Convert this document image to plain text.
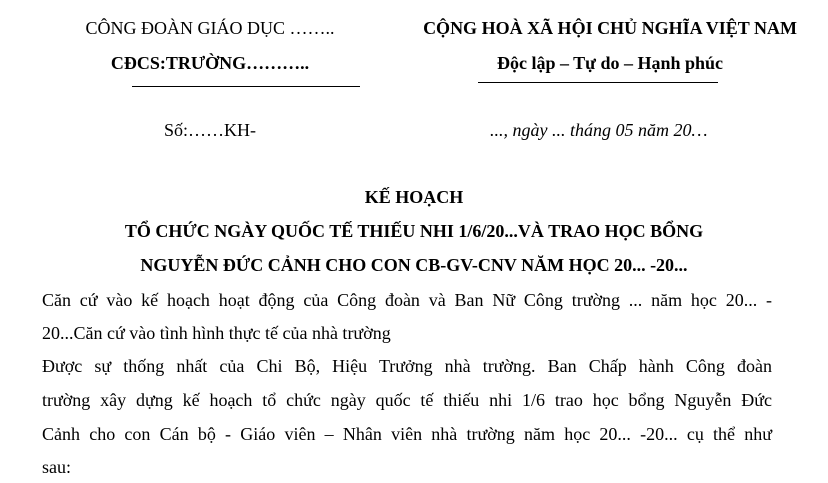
CÔNG ĐOÀN GIÁO DỤC ……..
CĐCS:TRƯỜNG………..
CỘNG HOÀ XÃ HỘI CHỦ NGHĨA VIỆT NAM
Độc lập – Tự do – Hạnh phúc
Số:……KH-	..., ngày ... tháng 05 năm 20…
KẾ HOẠCH
TỔ CHỨC NGÀY QUỐC TẾ THIẾU NHI 1/6/20...VÀ TRAO HỌC BỔNG
NGUYỄN ĐỨC CẢNH CHO CON CB-GV-CNV NĂM HỌC 20... -20...
Căn cứ vào kế hoạch hoạt động của Công đoàn và Ban Nữ Công trường ... năm học 20... -
20...Căn cứ vào tình hình thực tế của nhà trường
Được sự thống nhất của Chi Bộ, Hiệu Trưởng nhà trường. Ban Chấp hành Công đoàn
trường xây dựng kế hoạch tổ chức ngày quốc tế thiếu nhi 1/6 trao học bổng Nguyễn Đức
Cảnh cho con Cán bộ - Giáo viên – Nhân viên nhà trường năm học 20... -20... cụ thể như
sau:
